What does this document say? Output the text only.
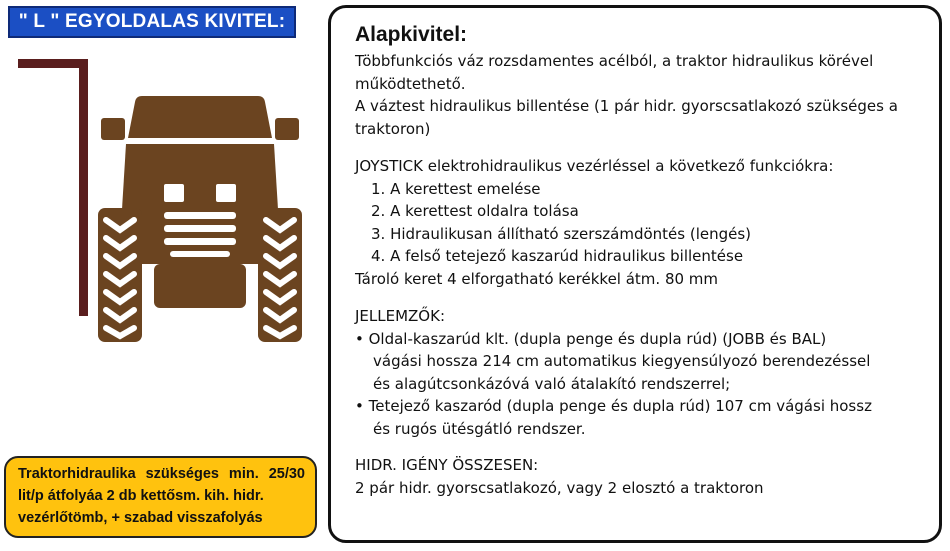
" L " EGYOLDALAS KIVITEL:
Traktorhidraulika szükséges min. 25/30
lit/p átfolyáa 2 db kettősm. kih. hidr.
vezérlőtömb, + szabad visszafolyás
Alapkivitel:
Többfunkciós váz rozsdamentes acélból, a traktor hidraulikus körével
működtethető.
A váztest hidraulikus billentése (1 pár hidr. gyorscsatlakozó szükséges a
traktoron)
JOYSTICK elektrohidraulikus vezérléssel a következő funkciókra:
1. A kerettest emelése
2. A kerettest oldalra tolása
3. Hidraulikusan állítható szerszámdöntés (lengés)
4. A felső tetejező kaszarúd hidraulikus billentése
Tároló keret 4 elforgatható kerékkel átm. 80 mm
JELLEMZŐK:
• Oldal-kaszarúd klt. (dupla penge és dupla rúd) (JOBB és BAL)
vágási hossza 214 cm automatikus kiegyensúlyozó berendezéssel
és alagútcsonkázóvá való átalakító rendszerrel;
• Tetejező kaszaród (dupla penge és dupla rúd) 107 cm vágási hossz
és rugós ütésgátló rendszer.
HIDR. IGÉNY ÖSSZESEN:
2 pár hidr. gyorscsatlakozó, vagy 2 elosztó a traktoron
